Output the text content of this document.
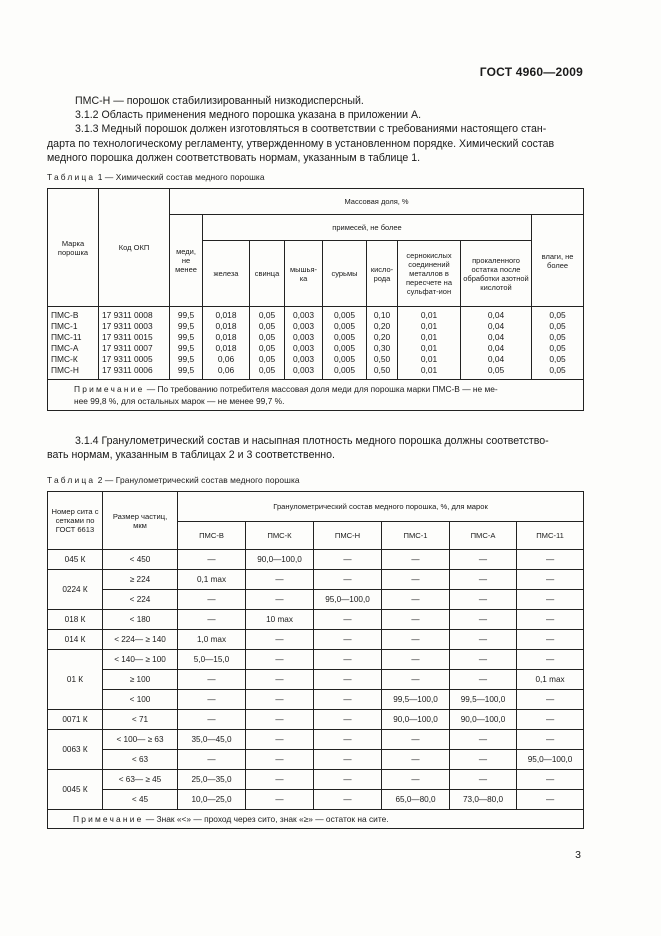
ГОСТ 4960—2009
ПМС-Н — порошок стабилизированный низкодисперсный.
3.1.2 Область применения медного порошка указана в приложении А.
3.1.3 Медный порошок должен изготовляться в соответствии с требованиями настоящего стан-
дарта по технологическому регламенту, утвержденному в установленном порядке. Химический состав
медного порошка должен соответствовать нормам, указанным в таблице 1.
Таблица 1 — Химический состав медного порошка
Марка порошка	Код ОКП	Массовая доля, %								
		меди, не менее	примесей, не более							влаги, не более
			железа	свинца	мышья-ка	сурьмы	кисло-рода	сернокислых соединений металлов в пересчете на сульфат-ион	прокаленного остатка после обработки азотной кислотой	
ПМС-В	17 9311 0008	99,5	0,018	0,05	0,003	0,005	0,10	0,01	0,04	0,05
ПМС-1	17 9311 0003	99,5	0,018	0,05	0,003	0,005	0,20	0,01	0,04	0,05
ПМС-11	17 9311 0015	99,5	0,018	0,05	0,003	0,005	0,20	0,01	0,04	0,05
ПМС-А	17 9311 0007	99,5	0,018	0,05	0,003	0,005	0,30	0,01	0,04	0,05
ПМС-К	17 9311 0005	99,5	0,06	0,05	0,003	0,005	0,50	0,01	0,04	0,05
ПМС-Н	17 9311 0006	99,5	0,06	0,05	0,003	0,005	0,50	0,01	0,05	0,05
Примечание — По требованию потребителя массовая доля меди для порошка марки ПМС-В — не ме-
нее 99,8 %, для остальных марок — не менее 99,7 %.										
3.1.4 Гранулометрический состав и насыпная плотность медного порошка должны соответство-
вать нормам, указанным в таблицах 2 и 3 соответственно.
Таблица 2 — Гранулометрический состав медного порошка
Номер сита с сетками по ГОСТ 6613	Размер частиц, мкм	Гранулометрический состав медного порошка, %, для марок					
		ПМС-В	ПМС-К	ПМС-Н	ПМС-1	ПМС-А	ПМС-11
045 К	< 450	—	90,0—100,0	—	—	—	—
0224 К	≥ 224	0,1 max	—	—	—	—	—
	< 224	—	—	95,0—100,0	—	—	—
018 К	< 180	—	10 max	—	—	—	—
014 К	< 224— ≥ 140	1,0 max	—	—	—	—	—
01 К	< 140— ≥ 100	5,0—15,0	—	—	—	—	—
	≥ 100	—	—	—	—	—	0,1 max
	< 100	—	—	—	99,5—100,0	99,5—100,0	—
0071 К	< 71	—	—	—	90,0—100,0	90,0—100,0	—
0063 К	< 100— ≥ 63	35,0—45,0	—	—	—	—	—
	< 63	—	—	—	—	—	95,0—100,0
0045 К	< 63— ≥ 45	25,0—35,0	—	—	—	—	—
	< 45	10,0—25,0	—	—	65,0—80,0	73,0—80,0	—
Примечание — Знак «<» — проход через сито, знак «≥» — остаток на сите.							
3
